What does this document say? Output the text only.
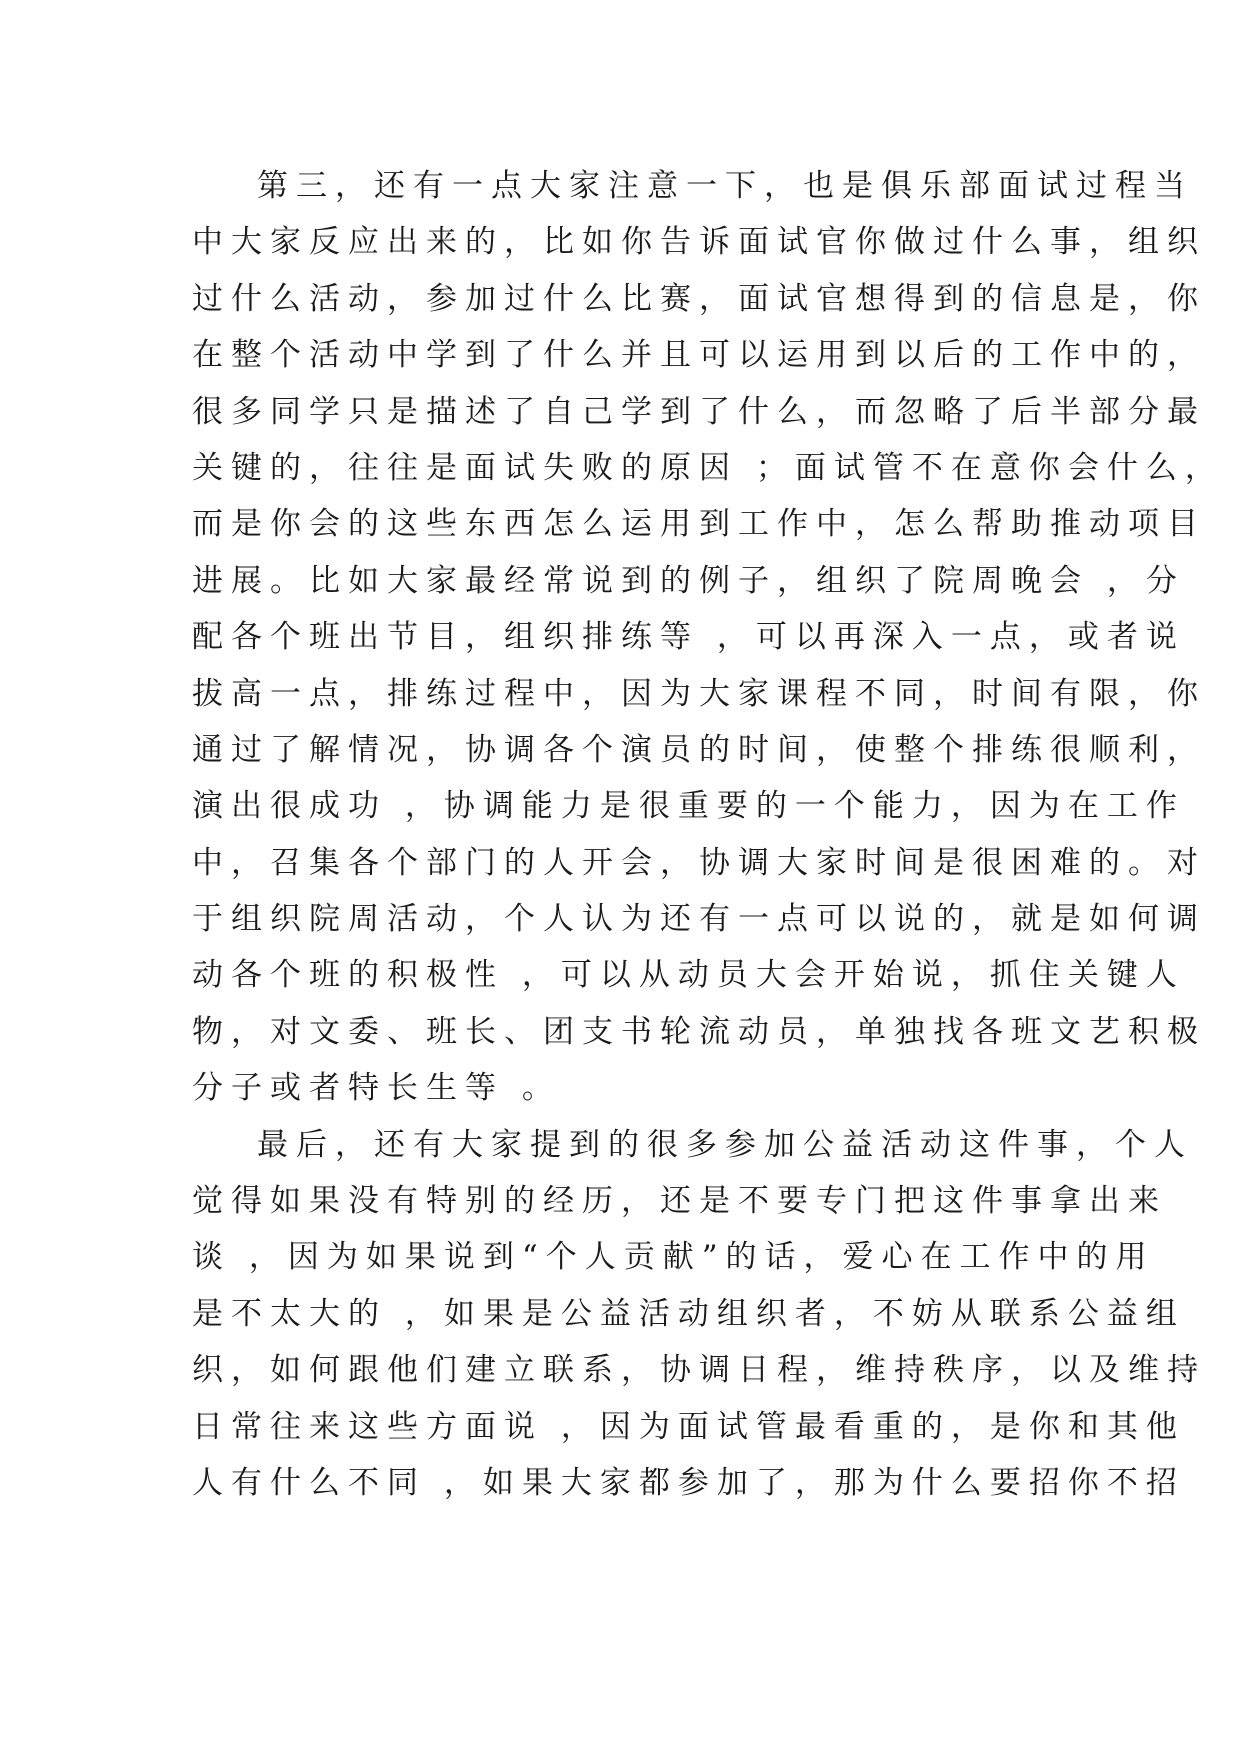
第三，还有一点大家注意一下，也是俱乐部面试过程当
中大家反应出来的，比如你告诉面试官你做过什么事，组织
过什么活动，参加过什么比赛，面试官想得到的信息是，你
在整个活动中学到了什么并且可以运用到以后的工作中的，
很多同学只是描述了自己学到了什么，而忽略了后半部分最
关键的，往往是面试失败的原因 ；面试管不在意你会什么，
而是你会的这些东西怎么运用到工作中，怎么帮助推动项目
进展。比如大家最经常说到的例子，组织了院周晚会 ，分
配各个班出节目，组织排练等 ，可以再深入一点，或者说
拔高一点，排练过程中，因为大家课程不同，时间有限，你
通过了解情况，协调各个演员的时间，使整个排练很顺利，
演出很成功 ，协调能力是很重要的一个能力，因为在工作
中，召集各个部门的人开会，协调大家时间是很困难的。对
于组织院周活动，个人认为还有一点可以说的，就是如何调
动各个班的积极性 ，可以从动员大会开始说，抓住关键人
物，对文委、班长、团支书轮流动员，单独找各班文艺积极
分子或者特长生等 。
最后，还有大家提到的很多参加公益活动这件事，个人
觉得如果没有特别的经历，还是不要专门把这件事拿出来
谈 ，因为如果说到“个人贡献”的话，爱心在工作中的用
是不太大的 ，如果是公益活动组织者，不妨从联系公益组
织，如何跟他们建立联系，协调日程，维持秩序，以及维持
日常往来这些方面说 ，因为面试管最看重的，是你和其他
人有什么不同 ，如果大家都参加了，那为什么要招你不招
